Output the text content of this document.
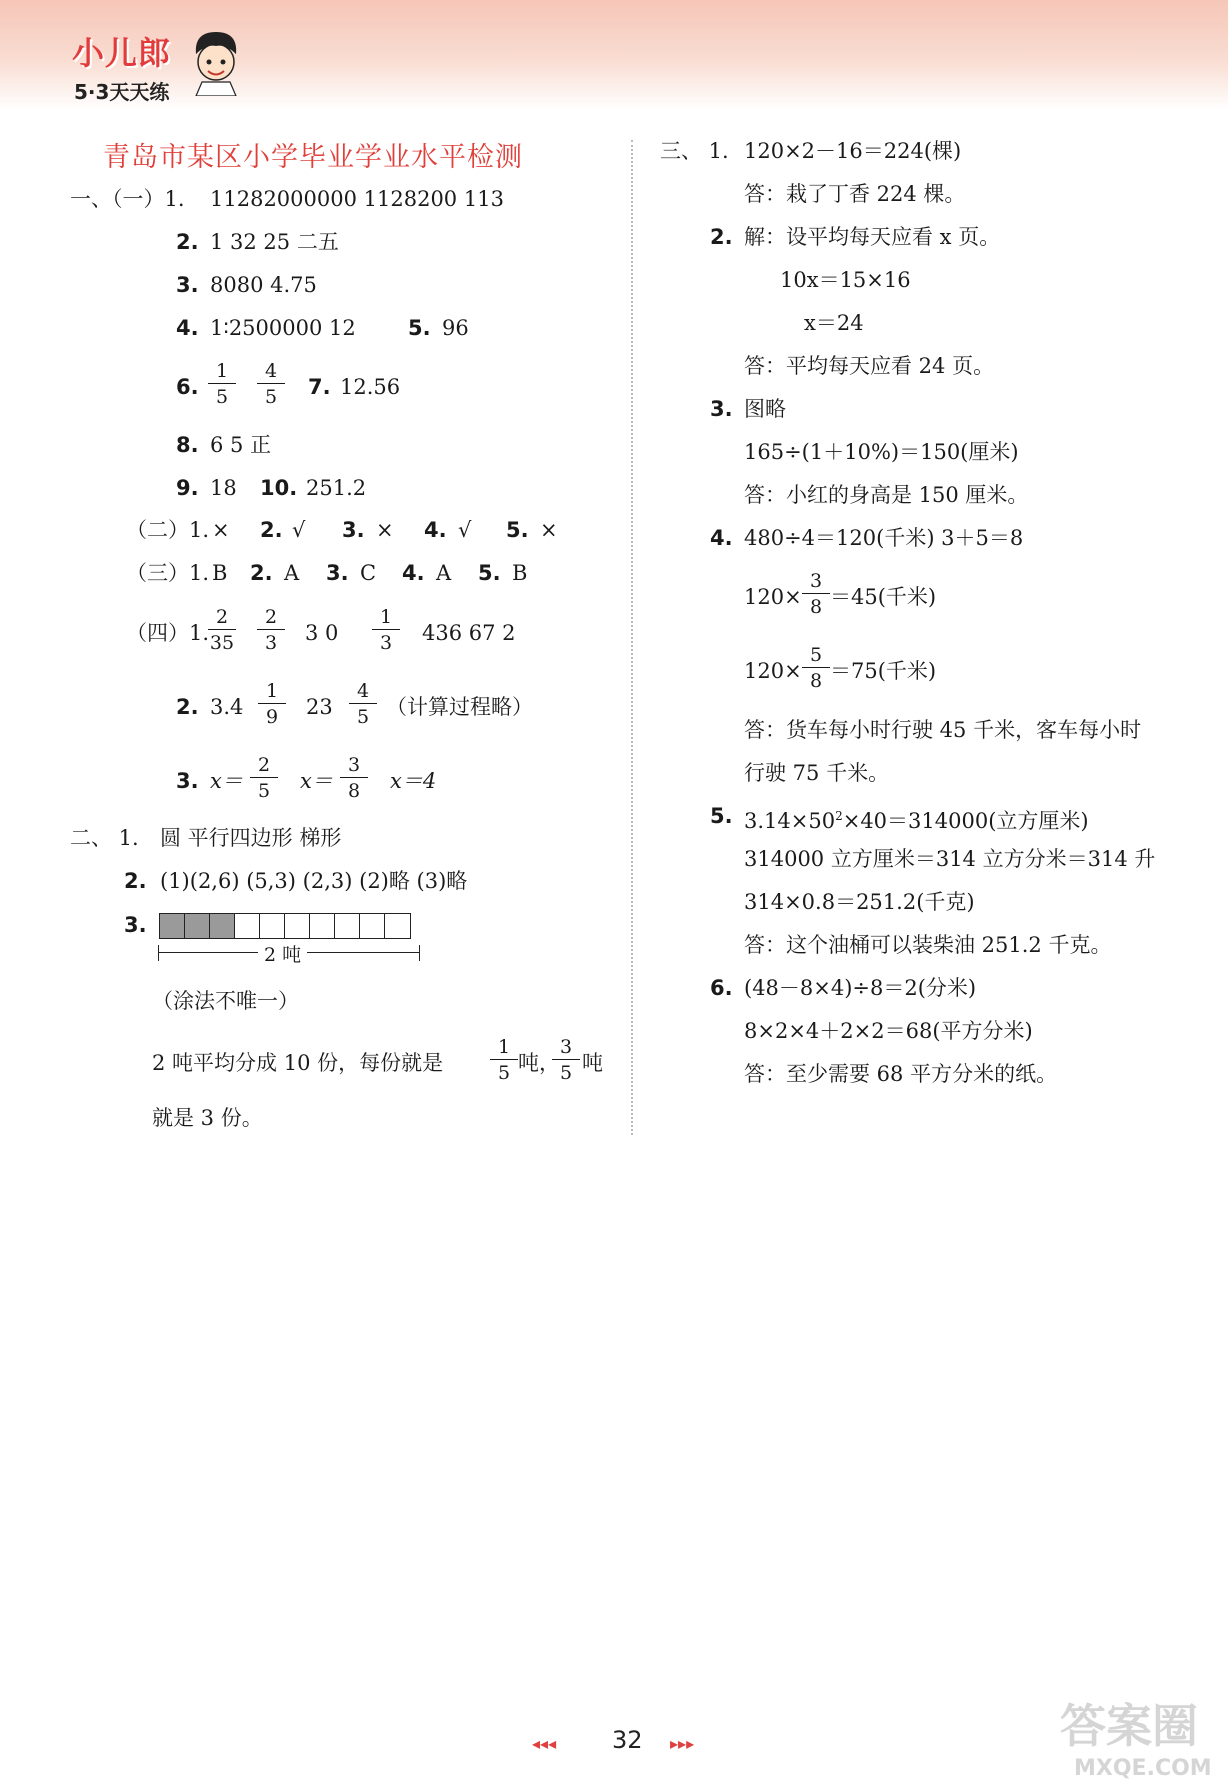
小儿郎
5·3天天练
青岛市某区小学毕业学业水平检测
一、（一）1. 11282000000 1128200 113
2. 1 32 25 二五
3. 8080 4.75
4. 1∶2500000 12 5. 96
6.
1
5
4
5	7. 12.56
8. 6 5 正
9. 18 10. 251.2
（二）1. × 2. √ 3. × 4. √ 5. ×
（三）1. B 2. A 3. C 4. A 5. B
（四）1.
2
35
2
3	3 0
1
3	436 67 2
2. 3.4
1
9	23
4
5 （计算过程略）
3. x＝
2
5	x＝
3
8	x＝4
二、 1. 圆 平行四边形 梯形
2. (1)(2,6) (5,3) (2,3) (2)略 (3)略
3.
2 吨
（涂法不唯一）
2 吨平均分成 10 份，每份就是
1
5 吨，
3
5 吨
就是 3 份。
三、 1. 120×2－16＝224(棵)
答：栽了丁香 224 棵。
2. 解：设平均每天应看 x 页。
10x＝15×16
x＝24
答：平均每天应看 24 页。
3. 图略
165÷(1＋10%)＝150(厘米)
答：小红的身高是 150 厘米。
4. 480÷4＝120(千米) 3＋5＝8
120×
3
8 ＝45(千米)
120×
5
8 ＝75(千米)
答：货车每小时行驶 45 千米，客车每小时
行驶 75 千米。
5. $3.14\times 50^2\times 40=314000$(立方厘米)
314000 立方厘米＝314 立方分米＝314 升
314×0.8＝251.2(千克)
答：这个油桶可以装柴油 251.2 千克。
6. (48－8×4)÷8＝2(分米)
8×2×4＋2×2＝68(平方分米)
答：至少需要 68 平方分米的纸。
◂◂◂ 32 ▸▸▸	答案圈
MXQE.COM
